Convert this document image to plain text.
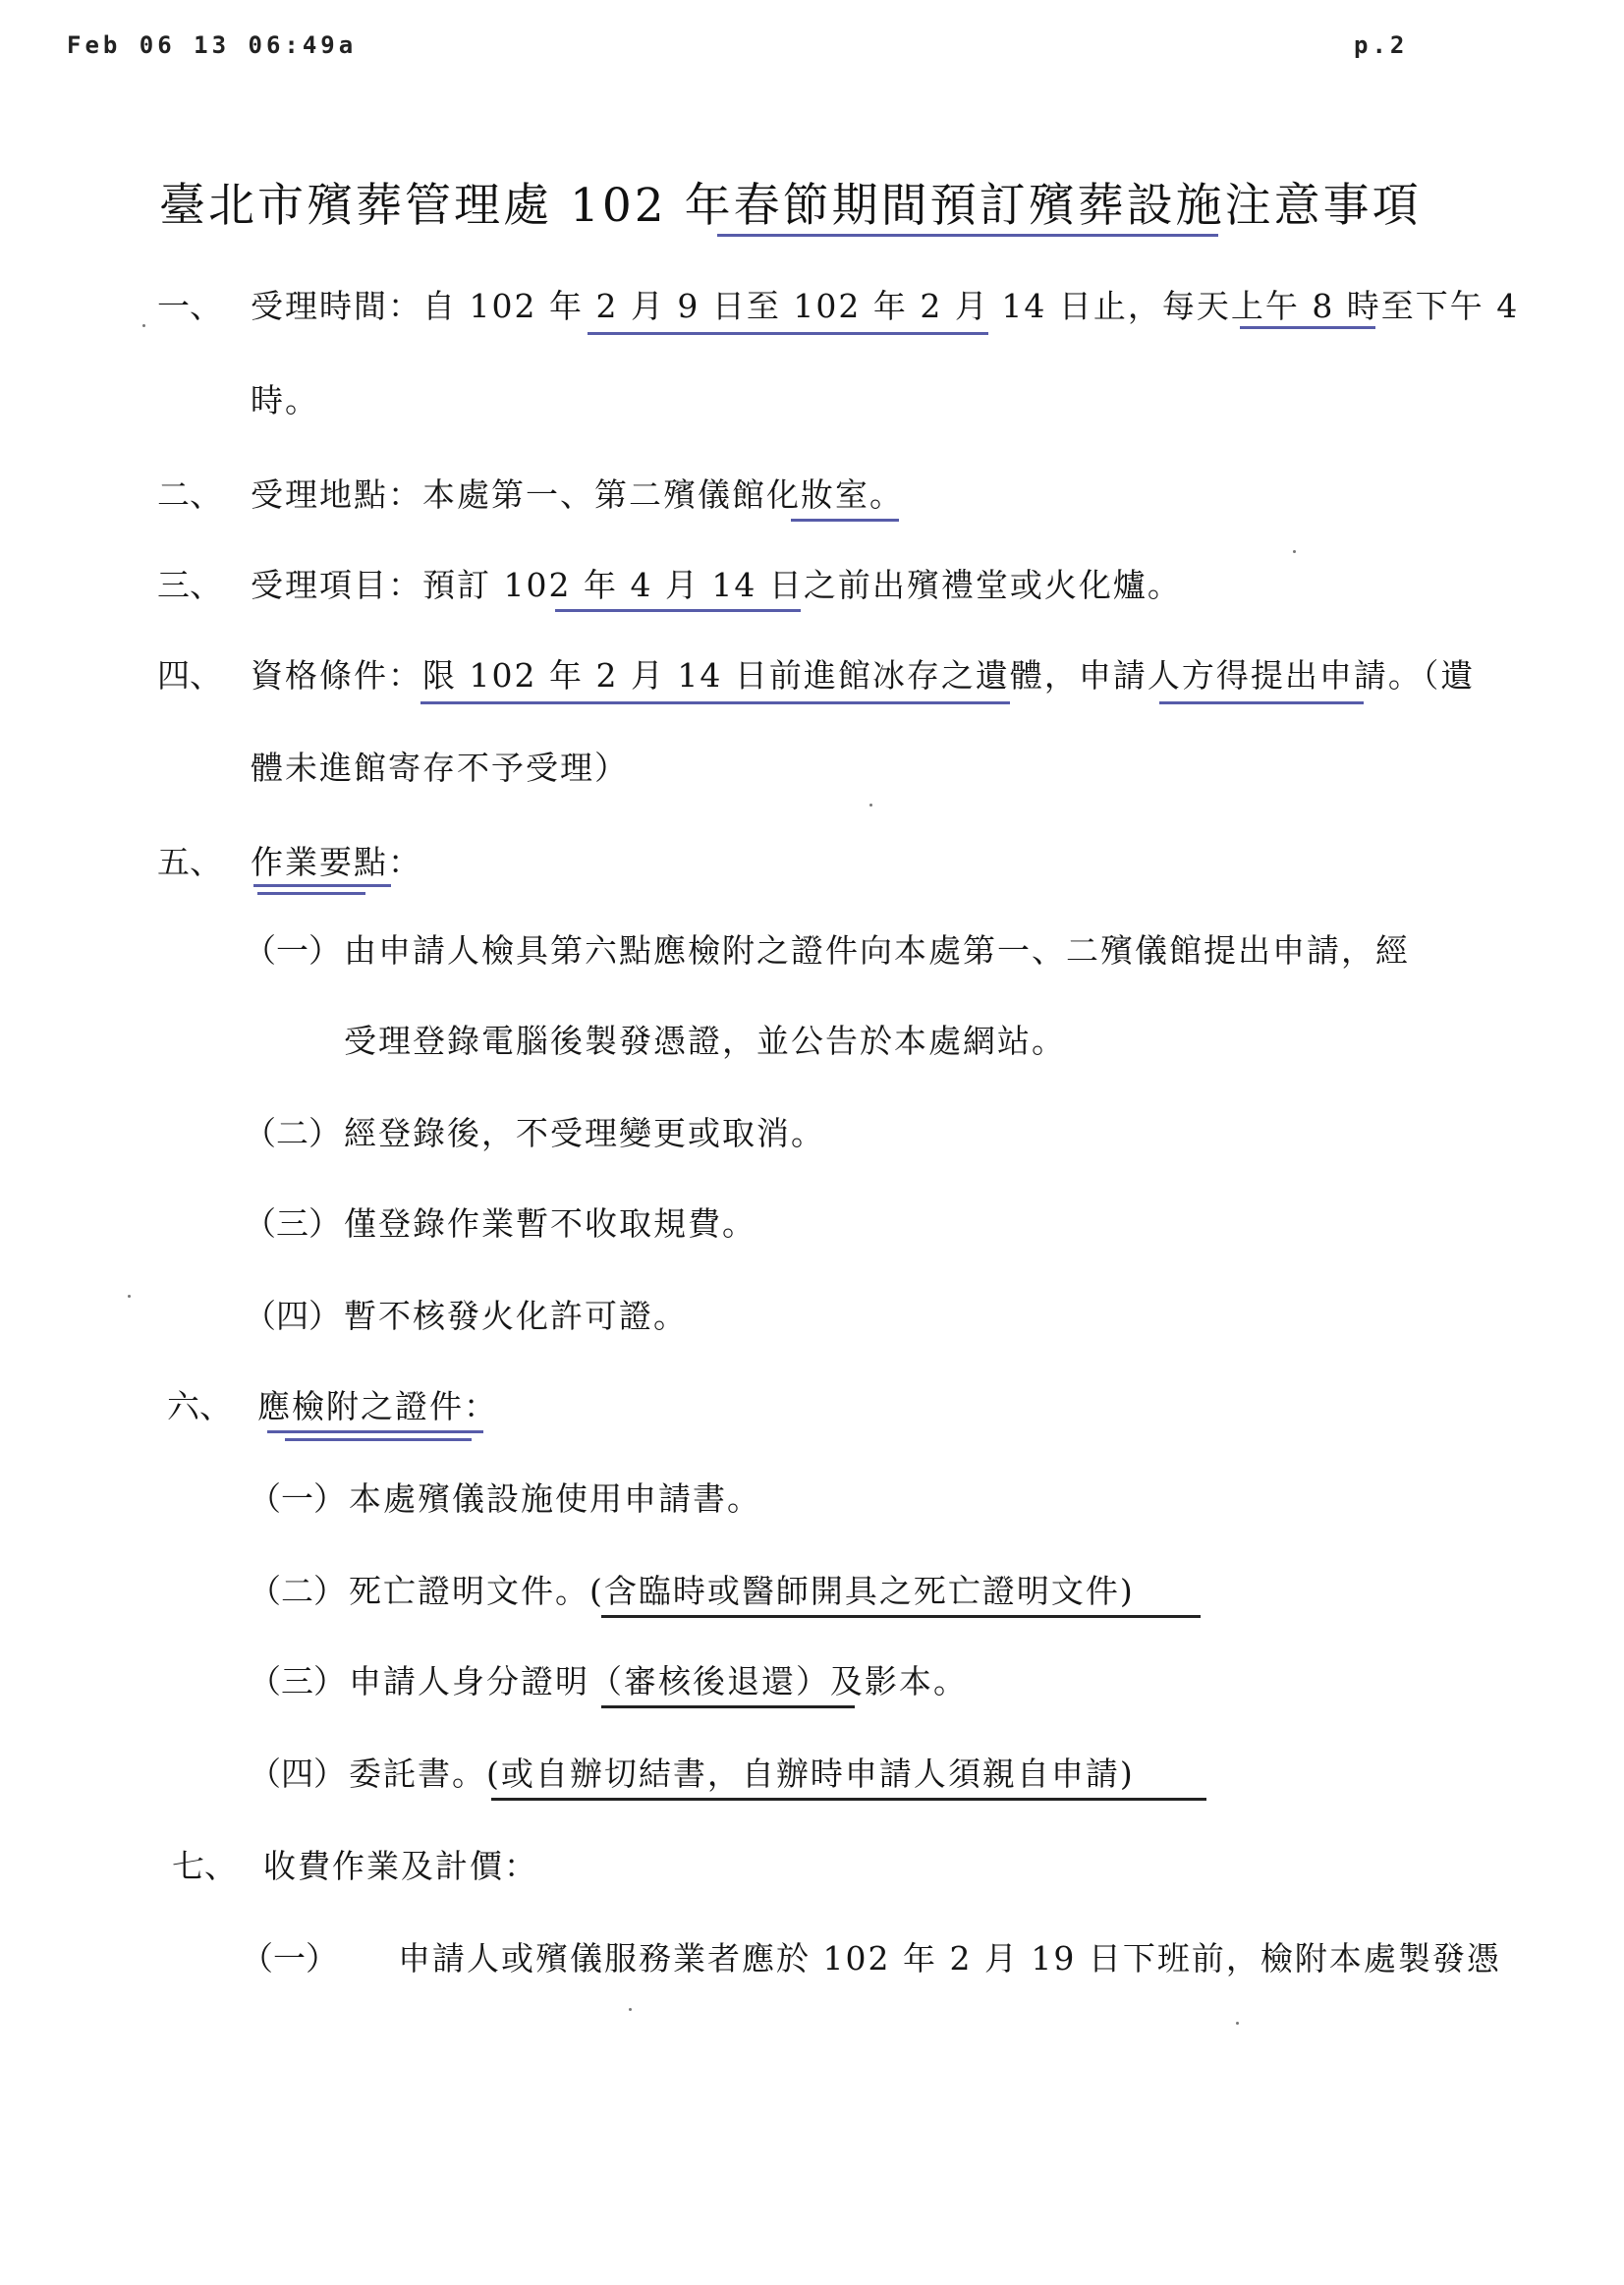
Feb 06 13 06:49a	p.2
臺北市殯葬管理處 102 年春節期間預訂殯葬設施注意事項
一、 受理時間：自 102 年 2 月 9 日至 102 年 2 月 14 日止，每天上午 8 時至下午 4
時。
二、 受理地點：本處第一、第二殯儀館化妝室。
三、 受理項目：預訂 102 年 4 月 14 日之前出殯禮堂或火化爐。
四、 資格條件：限 102 年 2 月 14 日前進館冰存之遺體，申請人方得提出申請。（遺
體未進館寄存不予受理）
五、 作業要點：
（一） 由申請人檢具第六點應檢附之證件向本處第一、二殯儀館提出申請，經
受理登錄電腦後製發憑證，並公告於本處網站。
（二） 經登錄後，不受理變更或取消。
（三） 僅登錄作業暫不收取規費。
（四） 暫不核發火化許可證。
六、 應檢附之證件：
（一） 本處殯儀設施使用申請書。
（二） 死亡證明文件。(含臨時或醫師開具之死亡證明文件)
（三） 申請人身分證明（審核後退還）及影本。
（四） 委託書。(或自辦切結書，自辦時申請人須親自申請)
七、 收費作業及計價：
（一） 申請人或殯儀服務業者應於 102 年 2 月 19 日下班前，檢附本處製發憑
